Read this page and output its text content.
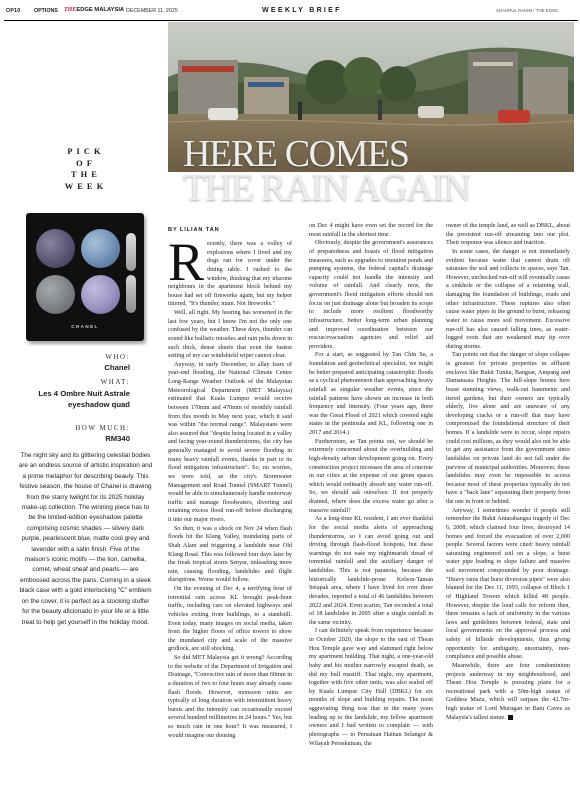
OP10	OPTIONS THEEDGE MALAYSIA DECEMBER 11, 2025	WEEKLY BRIEF	SHAHRUL RAHIM / THE EDGE
PICK OF
THE
WEEK
CHANEL
WHO:
Chanel
WHAT:
Les 4 Ombre Nuit Astrale eyeshadow quad
HOW MUCH:
RM340

The night sky and its glittering celestial bodies are an endless source of artistic inspiration and a prime metaphor for describing beauty. This festive season, the house of Chanel is drawing from the starry twilight for its 2025 holiday make-up collection. The winning piece has to be the limited-edition eyeshadow palette comprising cosmic shades — silvery dark purple, pearlescent blue, matte cool grey and lavender with a satin finish. Five of the maison's iconic motifs — the lion, camellia, comet, wheat sheaf and pearls — are embossed across the pans. Coming in a sleek black case with a gold interlocking "C" emblem on the cover, it is perfect as a stocking stuffer for the beauty aficionado in your life or a little treat to help get yourself in the holiday mood.

HERE COMES
THE RAIN AGAIN
BY LILIAN TAN

Recently, there was a volley of explosions where I lived and my dogs ran for cover under the dining table. I rushed to the window, thinking that my irksome neighbours in the apartment block behind my house had set off fireworks again, but my helper tittered, "It's thunder, mam. Not fireworks."

Well, all right. My hearing has worsened in the last few years, but I know I'm not the only one confused by the weather. These days, thunder can sound like ballistic missiles and rain pelts down in such thick, dense sheets that even the fastest setting of my car windshield wiper cannot clear.

Anyway, in early December, to allay fears of year-end flooding, the National Climate Centre Long-Range Weather Outlook of the Malaysian Meteorological Department (MET Malaysia) estimated that Kuala Lumpur would receive between 170mm and 470mm of monthly rainfall from this month to May next year, which it said was within "the normal range". Malaysians were also assured that "despite being located in a valley and facing year-round thunderstorms, the city has generally managed to avoid severe flooding in many heavy rainfall events, thanks in part to its flood mitigation infrastructure". So, no worries, we were told, as the city's Stormwater Management and Road Tunnel (SMART Tunnel) would be able to simultaneously handle motorway traffic and manage floodwaters, diverting and retaining excess flood run-off before discharging it into our major rivers.

So then, it was a shock on Nov 24 when flash floods hit the Klang Valley, inundating parts of Shah Alam and triggering a landslide near Old Klang Road. This was followed four days later by the freak tropical storm Senyar, unleashing more rain, causing flooding, landslides and flight disruptions. Worse would follow.

On the evening of Dec 4, a terrifying hour of torrential rain across KL brought peak-hour traffic, including cars on elevated highways and vehicles exiting from buildings, to a standstill. Even today, many images on social media, taken from the higher floors of office towers to show the inundated city and scale of the massive gridlock, are still shocking.

So did MET Malaysia get it wrong? According to the website of the Department of Irrigation and Drainage, "Convective rain of more than 60mm in a duration of two to four hours may already cause flash floods. However, monsoon rains are typically of long duration with intermittent heavy bursts and the intensity can occasionally exceed several hundred millimetres in 24 hours." Yes, but so much rain in one hour? It was measured, I would imagine our dousing

on Dec 4 might have even set the record for the most rainfall in the shortest time.

Obviously, despite the government's assurances of preparedness and boasts of flood mitigation measures, such as upgrades to retention ponds and pumping systems, the federal capital's drainage capacity could not handle the intensity and volume of rainfall. And clearly now, the government's flood mitigation efforts should not focus on just drainage alone but broaden its scope to include more resilient floodworthy infrastructure, better long-term urban planning and improved coordination between our rescue/evacuation agencies and relief aid providers.

For a start, as suggested by Tan Chin Su, a foundation and geotechnical specialist, we might be better prepared anticipating catastrophic floods as a cyclical phenomenon than approaching heavy rainfall as singular weather events, since the rainfall patterns have shown an increase in both frequency and intensity. (Four years ago, there was the Great Flood of 2021 which covered eight states in the peninsula and KL, following one in 2017 and 2014.)

Furthermore, as Tan points out, we should be extremely concerned about the overbuilding and high-density urban development going on. Every construction project increases the area of concrete in our cities at the expense of our green spaces which would ordinarily absorb any water run-off. So, we should ask ourselves: If not properly drained, where does the excess water go after a massive rainfall?

As a long-time KL resident, I am ever thankful for the social media alerts of approaching thunderstorms, so I can avoid going out and driving through flash-flood hotspots, but these warnings do not ease my nightmarish dread of torrential rainfall and the auxiliary danger of landslides. This is not paranoia, because the historically landslide-prone Kelson-Taman Setapak area, where I have lived for over three decades, reported a total of 46 landslides between 2022 and 2024. Even scarier, Tan recorded a total of 18 landslides in 2005 after a single rainfall in the same vicinity.

I can definitely speak from experience because in October 2020, the slope to the east of Thean Hou Temple gave way and slammed right below my apartment building. That night, a one-year-old baby and his mother narrowly escaped death, as did my bull mastiff. That night, my apartment, together with five other units, was also sealed off by Kuala Lumpur City Hall (DBKL) for six months of slope and building repairs. The most aggravating thing was that in the many years leading up to the landslide, my fellow apartment owners and I had written to complain — with photographs — to Persatuan Hainan Selangor & Wilayah Persekutuan, the

owner of the temple land, as well as DBKL, about the persistent run-off streaming into our plot. Their response was silence and inaction.

In some cases, the danger is not immediately evident because water that cannot drain off saturates the soil and collects in spaces, says Tan. However, unchecked run-off will eventually cause a sinkhole or the collapse of a retaining wall, damaging the foundation of buildings, roads and other infrastructure. These ruptures also often cause water pipes in the ground to burst, releasing water to cause more soil movement. Excessive run-off has also caused falling trees, as water-logged roots that are weakened may tip over during storms.

Tan points out that the danger of slope collapse is greatest for private properties in affluent enclaves like Bukit Tunku, Bangsar, Ampang and Damansara Heights. The hill-slope homes here boast stunning views, walk-out basements and tiered gardens, but their owners are typically elderly, live alone and are unaware of any developing cracks or a run-off that may have compromised the foundational structure of their homes. If a landslide were to occur, slope repairs could cost millions, as they would also not be able to get any assistance from the government since landslides on private land do not fall under the purview of municipal authorities. Moreover, these landslides may even be impossible to access because most of these properties typically do not have a "back lane" separating their property from the one in front or behind.

Anyway, I sometimes wonder if people still remember the Bukit Antarabangsa tragedy of Dec 6, 2008, which claimed four lives, destroyed 14 homes and forced the evacuation of over 2,000 people. Several factors were cited: heavy rainfall saturating engineered soil on a slope, a burst water pipe leading to slope failure and massive soil movement compounded by poor drainage. "Heavy rains that burst diversion pipes" were also blamed for the Dec 11, 1993, collapse of Block 1 of Highland Towers which killed 48 people. However, despite the loud calls for reform then, there remains a lack of uniformity in the various laws and guidelines between federal, state and local governments on the approval process and safety of hillside developments, thus giving opportunity for ambiguity, uncertainty, non-compliance and possible abuse.

Meanwhile, there are four condominium projects underway in my neighbourhood, and Thean Hou Temple is pursuing plans for a recreational park with a 50m-high statue of Goddess Mazu, which will surpass the 42.7m-high statue of Lord Murugan in Batu Caves as Malaysia's tallest statue.
